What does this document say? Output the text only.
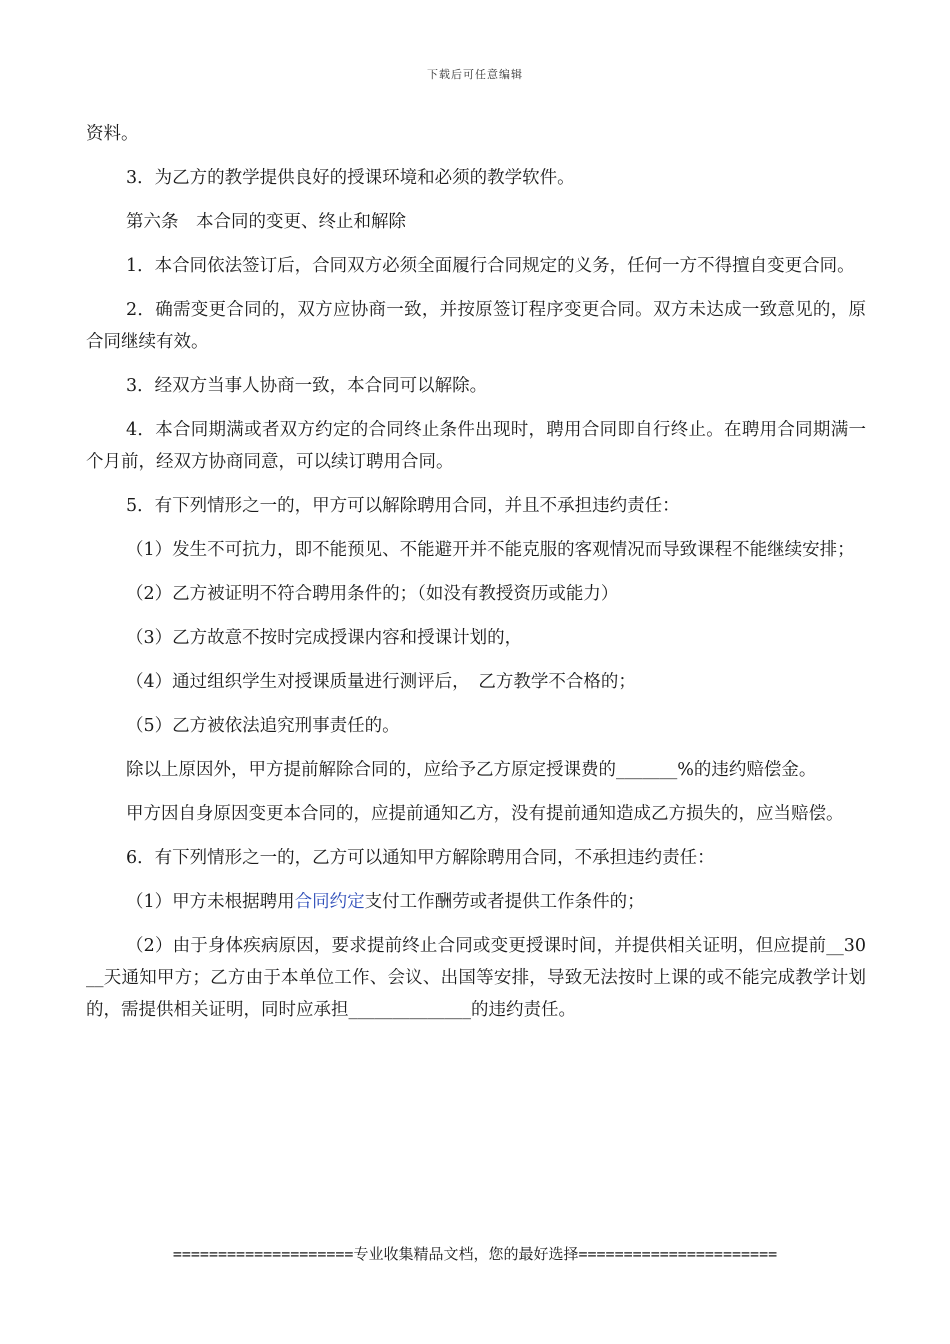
下载后可任意编辑

资料。

3．为乙方的教学提供良好的授课环境和必须的教学软件。

第六条　本合同的变更、终止和解除

1．本合同依法签订后，合同双方必须全面履行合同规定的义务，任何一方不得擅自变更合同。

2．确需变更合同的，双方应协商一致，并按原签订程序变更合同。双方未达成一致意见的，原合同继续有效。

3．经双方当事人协商一致，本合同可以解除。

4．本合同期满或者双方约定的合同终止条件出现时，聘用合同即自行终止。在聘用合同期满一个月前，经双方协商同意，可以续订聘用合同。

5．有下列情形之一的，甲方可以解除聘用合同，并且不承担违约责任：

（1）发生不可抗力，即不能预见、不能避开并不能克服的客观情况而导致课程不能继续安排；

（2）乙方被证明不符合聘用条件的；（如没有教授资历或能力）

（3）乙方故意不按时完成授课内容和授课计划的，

（4）通过组织学生对授课质量进行测评后，　乙方教学不合格的；

（5）乙方被依法追究刑事责任的。

除以上原因外，甲方提前解除合同的，应给予乙方原定授课费的_______%的违约赔偿金。

甲方因自身原因变更本合同的，应提前通知乙方，没有提前通知造成乙方损失的，应当赔偿。

6．有下列情形之一的，乙方可以通知甲方解除聘用合同，不承担违约责任：

（1）甲方未根据聘用合同约定支付工作酬劳或者提供工作条件的；

（2）由于身体疾病原因，要求提前终止合同或变更授课时间，并提供相关证明，但应提前__30__天通知甲方；乙方由于本单位工作、会议、出国等安排，导致无法按时上课的或不能完成教学计划的，需提供相关证明，同时应承担______________的违约责任。

====================专业收集精品文档，您的最好选择======================
